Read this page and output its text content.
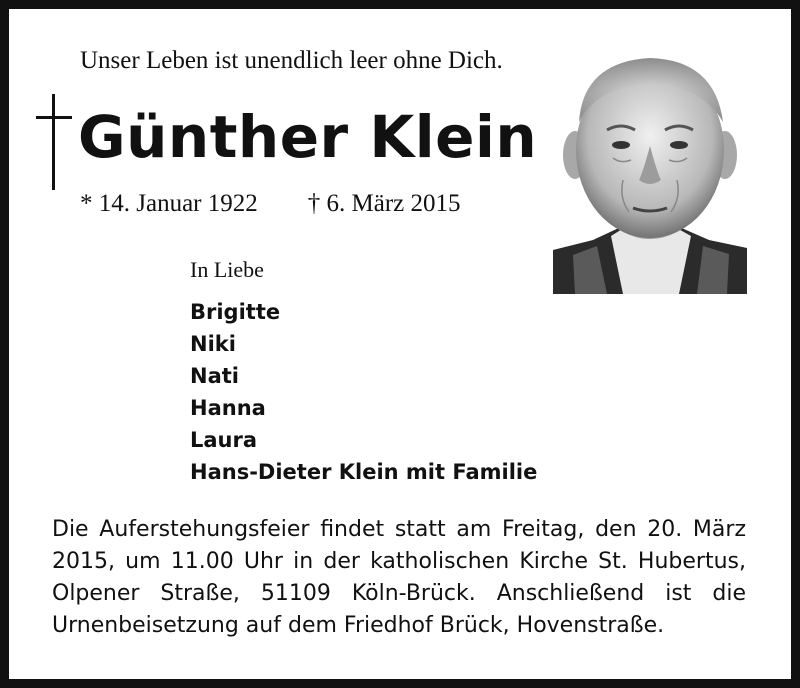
Unser Leben ist unendlich leer ohne Dich.
Günther Klein
* 14. Januar 1922 † 6. März 2015
In Liebe
Brigitte
Niki
Nati
Hanna
Laura
Hans-Dieter Klein mit Familie

Die Auferstehungsfeier findet statt am Freitag, den 20. März 2015, um 11.00 Uhr in der katholischen Kirche St. Hubertus, Olpener Straße, 51109 Köln-Brück. Anschließend ist die Urnenbeisetzung auf dem Friedhof Brück, Hovenstraße.
